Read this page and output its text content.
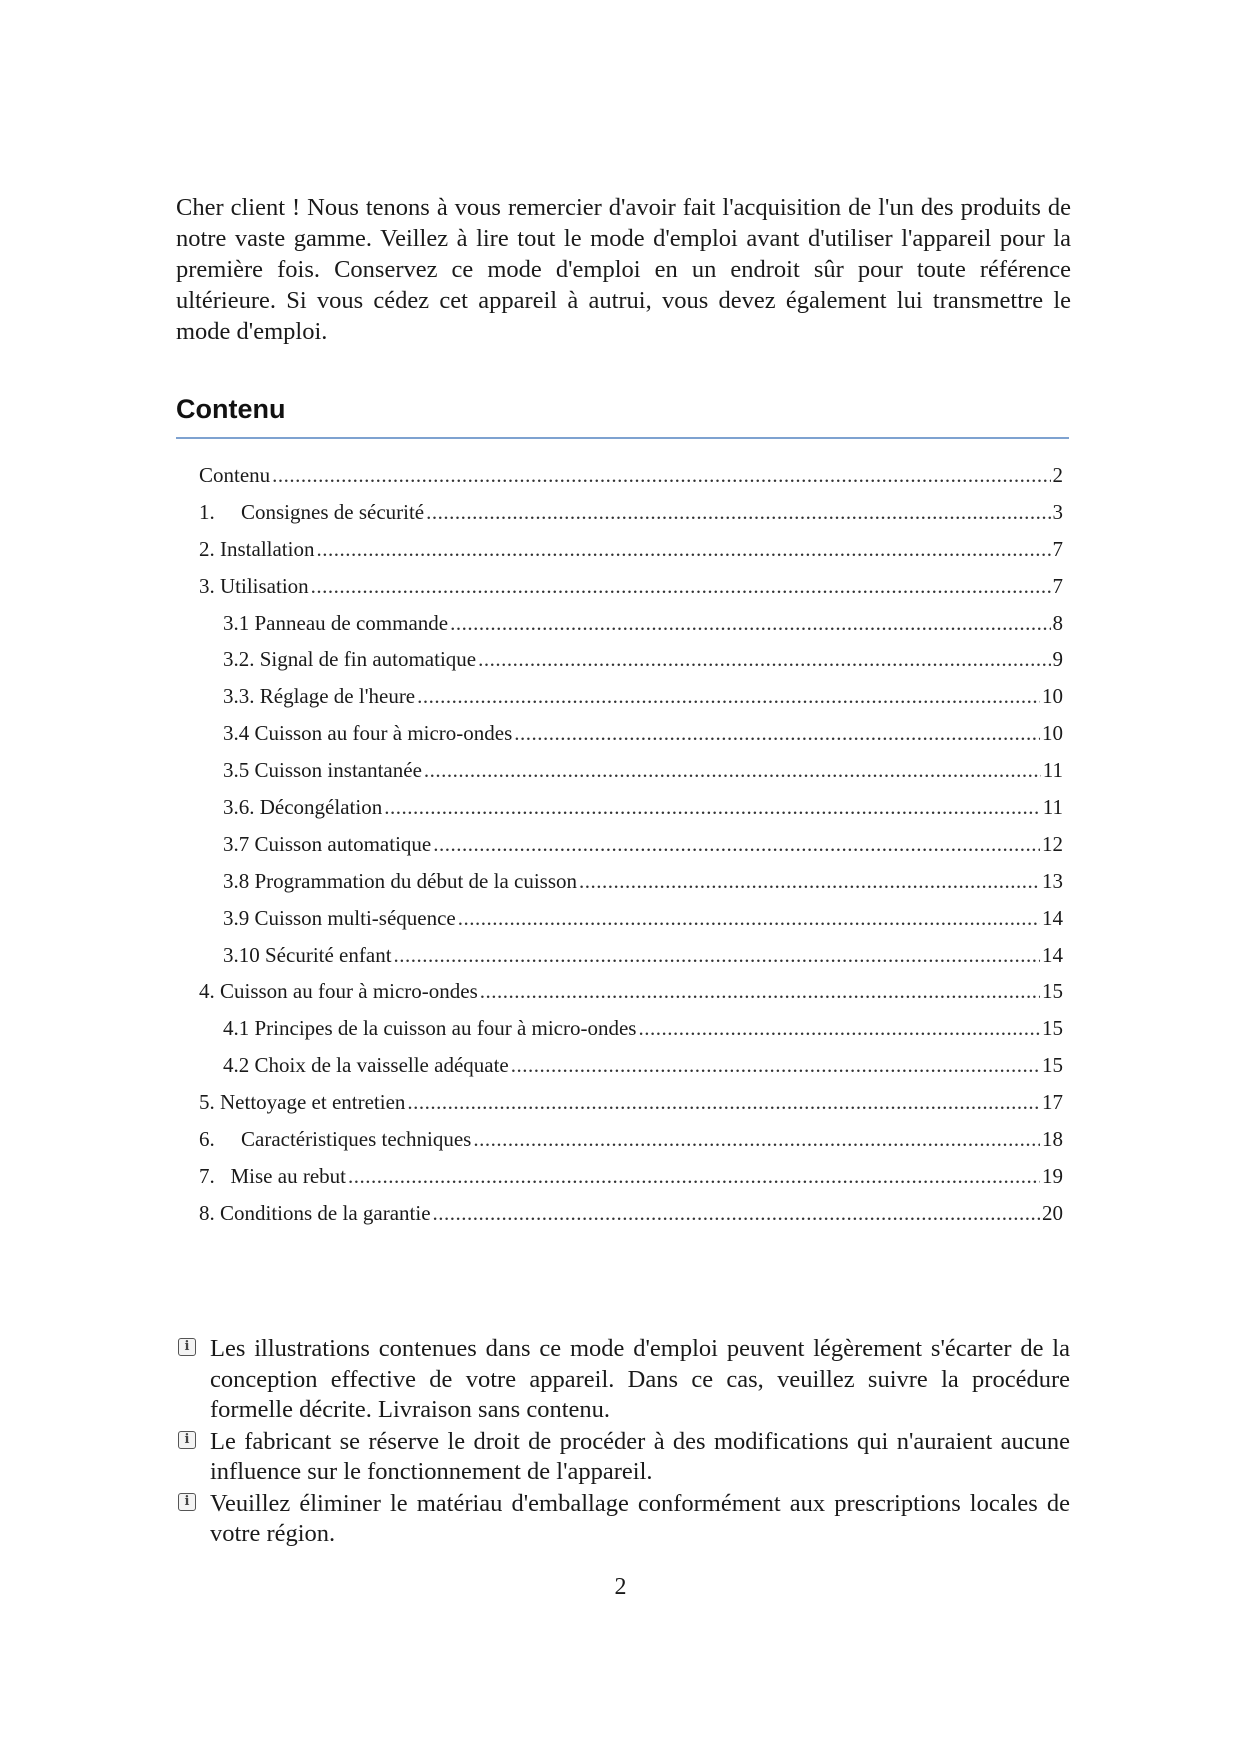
Cher client ! Nous tenons à vous remercier d'avoir fait l'acquisition de l'un des produits de notre vaste gamme. Veillez à lire tout le mode d'emploi avant d'utiliser l'appareil pour la première fois. Conservez ce mode d'emploi en un endroit sûr pour toute référence ultérieure. Si vous cédez cet appareil à autrui, vous devez également lui transmettre le mode d'emploi.

Contenu
Contenu .....	2
1.  Consignes de sécurité .....	3
2. Installation .....	7
3. Utilisation .....	7
3.1 Panneau de commande .....	8
3.2. Signal de fin automatique .....	9
3.3. Réglage de l'heure .....	10
3.4 Cuisson au four à micro-ondes .....	10
3.5 Cuisson instantanée .....	11
3.6. Décongélation .....	11
3.7 Cuisson automatique .....	12
3.8 Programmation du début de la cuisson .....	13
3.9 Cuisson multi-séquence .....	14
3.10 Sécurité enfant .....	14
4. Cuisson au four à micro-ondes .....	15
4.1 Principes de la cuisson au four à micro-ondes .....	15
4.2 Choix de la vaisselle adéquate .....	15
5. Nettoyage et entretien .....	17
6.  Caractéristiques techniques .....	18
7.  Mise au rebut .....	19
8. Conditions de la garantie .....	20
i Les illustrations contenues dans ce mode d'emploi peuvent légèrement s'écarter de la conception effective de votre appareil. Dans ce cas, veuillez suivre la procédure formelle décrite. Livraison sans contenu.
i Le fabricant se réserve le droit de procéder à des modifications qui n'auraient aucune influence sur le fonctionnement de l'appareil.
i Veuillez éliminer le matériau d'emballage conformément aux prescriptions locales de votre région.

2
